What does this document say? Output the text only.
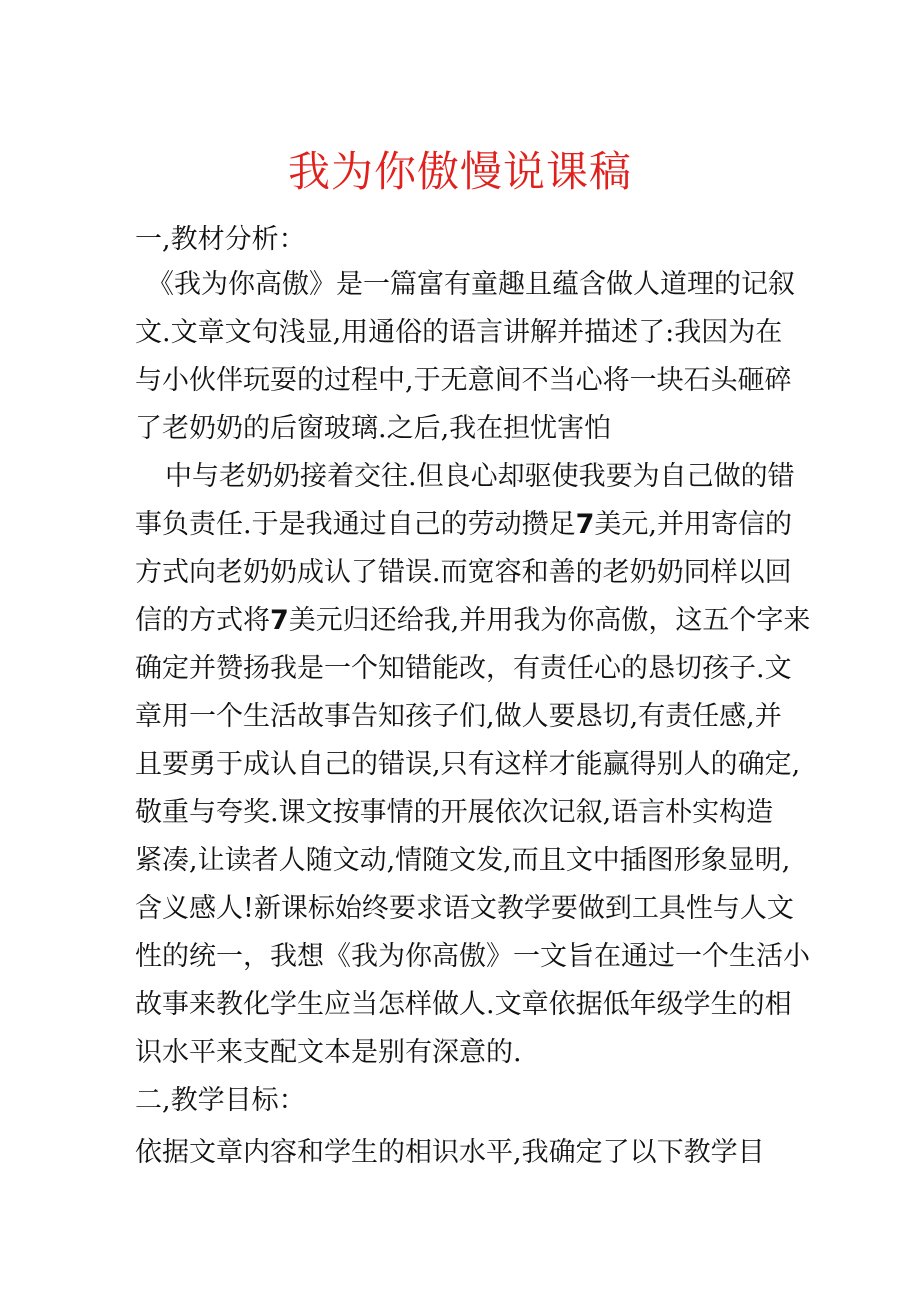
我为你傲慢说课稿
一,教材分析：
《我为你高傲》是一篇富有童趣且蕴含做人道理的记叙
文.文章文句浅显,用通俗的语言讲解并描述了:我因为在
与小伙伴玩耍的过程中,于无意间不当心将一块石头砸碎
了老奶奶的后窗玻璃.之后,我在担忧害怕
中与老奶奶接着交往.但良心却驱使我要为自己做的错
事负责任.于是我通过自己的劳动攒足7美元,并用寄信的
方式向老奶奶成认了错误.而宽容和善的老奶奶同样以回
信的方式将7美元归还给我,并用我为你高傲，这五个字来
确定并赞扬我是一个知错能改，有责任心的恳切孩子.文
章用一个生活故事告知孩子们,做人要恳切,有责任感,并
且要勇于成认自己的错误,只有这样才能赢得别人的确定,
敬重与夸奖.课文按事情的开展依次记叙,语言朴实构造
紧凑,让读者人随文动,情随文发,而且文中插图形象显明,
含义感人!新课标始终要求语文教学要做到工具性与人文
性的统一，我想《我为你高傲》一文旨在通过一个生活小
故事来教化学生应当怎样做人.文章依据低年级学生的相
识水平来支配文本是别有深意的.
二,教学目标：
依据文章内容和学生的相识水平,我确定了以下教学目
